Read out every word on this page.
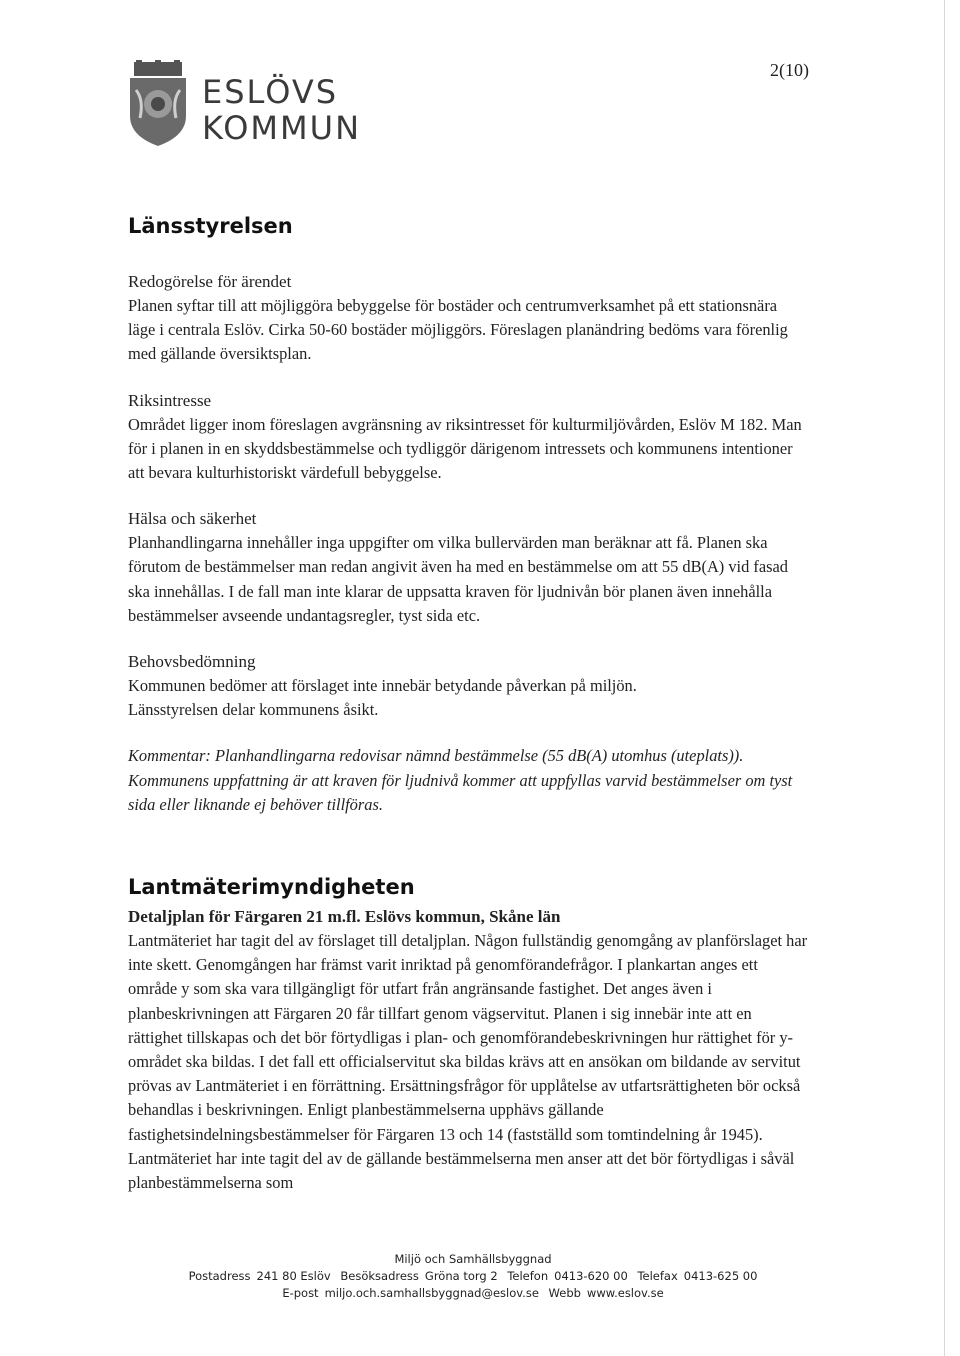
ESLÖVS
KOMMUN
2(10)
Länsstyrelsen

Redogörelse för ärendet

Planen syftar till att möjliggöra bebyggelse för bostäder och centrumverksamhet på ett stationsnära läge i centrala Eslöv. Cirka 50-60 bostäder möjliggörs. Föreslagen planändring bedöms vara förenlig med gällande översiktsplan.

Riksintresse

Området ligger inom föreslagen avgränsning av riksintresset för kulturmiljövården, Eslöv M 182. Man för i planen in en skyddsbestämmelse och tydliggör därigenom intressets och kommunens intentioner att bevara kulturhistoriskt värdefull bebyggelse.

Hälsa och säkerhet

Planhandlingarna innehåller inga uppgifter om vilka bullervärden man beräknar att få. Planen ska förutom de bestämmelser man redan angivit även ha med en bestämmelse om att 55 dB(A) vid fasad ska innehållas. I de fall man inte klarar de uppsatta kraven för ljudnivån bör planen även innehålla bestämmelser avseende undantagsregler, tyst sida etc.

Behovsbedömning

Kommunen bedömer att förslaget inte innebär betydande påverkan på miljön.

Länsstyrelsen delar kommunens åsikt.

Kommentar: Planhandlingarna redovisar nämnd bestämmelse (55 dB(A) utomhus (uteplats)).

Kommunens uppfattning är att kraven för ljudnivå kommer att uppfyllas varvid bestämmelser om tyst sida eller liknande ej behöver tillföras.

Lantmäterimyndigheten

Detaljplan för Färgaren 21 m.fl. Eslövs kommun, Skåne län

Lantmäteriet har tagit del av förslaget till detaljplan. Någon fullständig genomgång av planförslaget har inte skett. Genomgången har främst varit inriktad på genomförandefrågor. I plankartan anges ett område y som ska vara tillgängligt för utfart från angränsande fastighet. Det anges även i planbeskrivningen att Färgaren 20 får tillfart genom vägservitut. Planen i sig innebär inte att en rättighet tillskapas och det bör förtydligas i plan- och genomförandebeskrivningen hur rättighet för y-området ska bildas. I det fall ett officialservitut ska bildas krävs att en ansökan om bildande av servitut prövas av Lantmäteriet i en förrättning. Ersättningsfrågor för upplåtelse av utfartsrättigheten bör också behandlas i beskrivningen. Enligt planbestämmelserna upphävs gällande fastighetsindelningsbestämmelser för Färgaren 13 och 14 (fastställd som tomtindelning år 1945). Lantmäteriet har inte tagit del av de gällande bestämmelserna men anser att det bör förtydligas i såväl planbestämmelserna som

Miljö och Samhällsbyggnad
Postadress 241 80 Eslöv Besöksadress Gröna torg 2 Telefon 0413-620 00 Telefax 0413-625 00
E-post miljo.och.samhallsbyggnad@eslov.se Webb www.eslov.se
